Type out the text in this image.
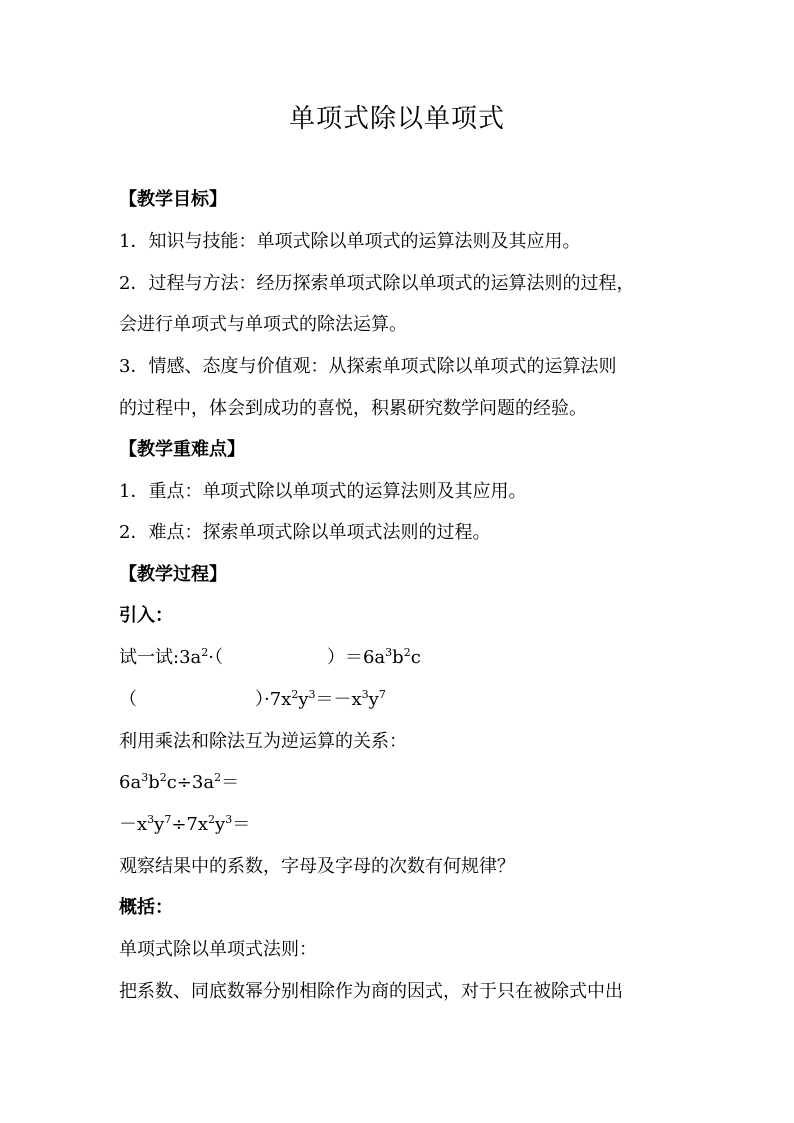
单项式除以单项式
【教学目标】
1．知识与技能：单项式除以单项式的运算法则及其应用。
2．过程与方法：经历探索单项式除以单项式的运算法则的过程，
会进行单项式与单项式的除法运算。
3．情感、态度与价值观：从探索单项式除以单项式的运算法则
的过程中，体会到成功的喜悦，积累研究数学问题的经验。
【教学重难点】
1．重点：单项式除以单项式的运算法则及其应用。
2．难点：探索单项式除以单项式法则的过程。
【教学过程】
引入：
试一试$:3a^2\cdot$（	）$=6a^3b^2c$
（	）$\cdot 7x^2y^3=-x^3y^7$
利用乘法和除法互为逆运算的关系：
$6a^3b^2c\div 3a^2=$
$-x^3y^7\div 7x^2y^3=$
观察结果中的系数，字母及字母的次数有何规律？
概括：
单项式除以单项式法则：
把系数、同底数幂分别相除作为商的因式，对于只在被除式中出
